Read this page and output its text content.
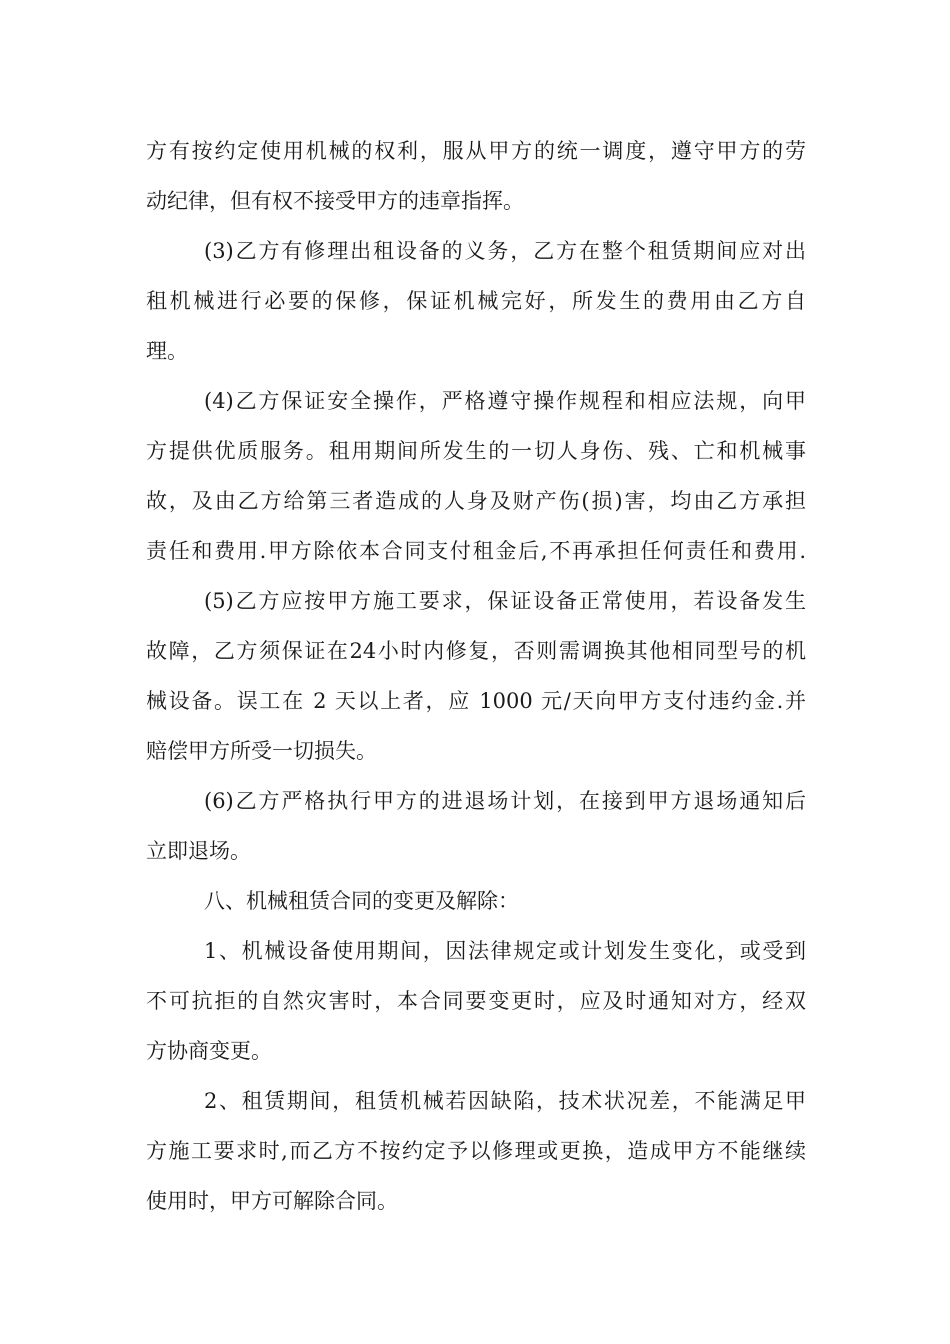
方有按约定使用机械的权利，服从甲方的统一调度，遵守甲方的劳
动纪律，但有权不接受甲方的违章指挥。
(3)乙方有修理出租设备的义务，乙方在整个租赁期间应对出
租机械进行必要的保修，保证机械完好，所发生的费用由乙方自
理。
(4)乙方保证安全操作，严格遵守操作规程和相应法规，向甲
方提供优质服务。租用期间所发生的一切人身伤、残、亡和机械事
故，及由乙方给第三者造成的人身及财产伤(损)害，均由乙方承担
责任和费用.甲方除依本合同支付租金后,不再承担任何责任和费用.
(5)乙方应按甲方施工要求，保证设备正常使用，若设备发生
故障，乙方须保证在24小时内修复，否则需调换其他相同型号的机
械设备。误工在 2 天以上者，应 1000 元/天向甲方支付违约金.并
赔偿甲方所受一切损失。
(6)乙方严格执行甲方的进退场计划，在接到甲方退场通知后
立即退场。
八、机械租赁合同的变更及解除：
1、机械设备使用期间，因法律规定或计划发生变化，或受到
不可抗拒的自然灾害时，本合同要变更时，应及时通知对方，经双
方协商变更。
2、租赁期间，租赁机械若因缺陷，技术状况差，不能满足甲
方施工要求时,而乙方不按约定予以修理或更换，造成甲方不能继续
使用时，甲方可解除合同。
